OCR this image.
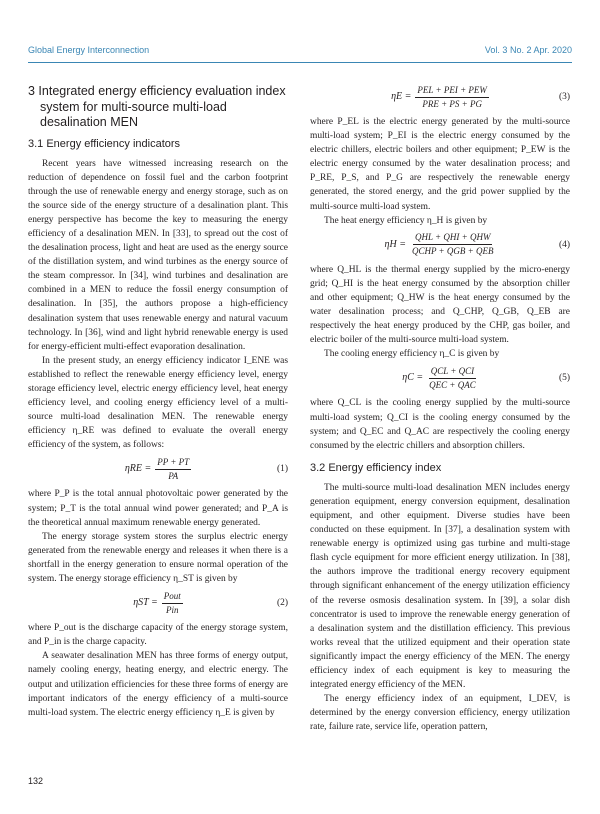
Global Energy Interconnection	Vol. 3 No. 2 Apr. 2020
3 Integrated energy efficiency evaluation index system for multi-source multi-load desalination MEN
3.1 Energy efficiency indicators

Recent years have witnessed increasing research on the reduction of dependence on fossil fuel and the carbon footprint through the use of renewable energy and energy storage, such as on the source side of the energy structure of a desalination plant. This energy perspective has become the key to measuring the energy efficiency of a desalination MEN. In [33], to spread out the cost of the desalination process, light and heat are used as the energy source of the distillation system, and wind turbines as the energy source of the steam compressor. In [34], wind turbines and desalination are combined in a MEN to reduce the fossil energy consumption of desalination. In [35], the authors propose a high-efficiency desalination system that uses renewable energy and natural vacuum technology. In [36], wind and light hybrid renewable energy is used for energy-efficient multi-effect evaporation desalination.

In the present study, an energy efficiency indicator I_ENE was established to reflect the renewable energy efficiency level, energy storage efficiency level, electric energy efficiency level, heat energy efficiency level, and cooling energy efficiency level of a multi-source multi-load desalination MEN. The renewable energy efficiency η_RE was defined to evaluate the overall energy efficiency of the system, as follows:

$\eta RE = \frac{PP + PT}{PA}$	(1)

where P_P is the total annual photovoltaic power generated by the system; P_T is the total annual wind power generated; and P_A is the theoretical annual maximum renewable energy generated.

The energy storage system stores the surplus electric energy generated from the renewable energy and releases it when there is a shortfall in the energy generation to ensure normal operation of the system. The energy storage efficiency η_ST is given by

$\eta ST = \frac{\text{Pout}}{\text{Pin}}$	(2)

where P_out is the discharge capacity of the energy storage system, and P_in is the charge capacity.

A seawater desalination MEN has three forms of energy output, namely cooling energy, heating energy, and electric energy. The output and utilization efficiencies for these three forms of energy are important indicators of the energy efficiency of a multi-source multi-load system. The electric energy efficiency η_E is given by

$\eta E = \frac{\text{PEL + PEI + PEW}}{\text{PRE + PS + PG}}$	(3)

where P_EL is the electric energy generated by the multi-source multi-load system; P_EI is the electric energy consumed by the electric chillers, electric boilers and other equipment; P_EW is the electric energy consumed by the water desalination process; and P_RE, P_S, and P_G are respectively the renewable energy generated, the stored energy, and the grid power supplied by the multi-source multi-load system.

The heat energy efficiency η_H is given by

$\eta H = \frac{\text{QHL + QHI + QHW}}{\text{QCHP + QGB + QEB}}$	(4)

where Q_HL is the thermal energy supplied by the micro-energy grid; Q_HI is the heat energy consumed by the absorption chiller and other equipment; Q_HW is the heat energy consumed by the water desalination process; and Q_CHP, Q_GB, Q_EB are respectively the heat energy produced by the CHP, gas boiler, and electric boiler of the multi-source multi-load system.

The cooling energy efficiency η_C is given by

$\eta C = \frac{\text{QCL + QCI}}{\text{QEC + QAC}}$	(5)

where Q_CL is the cooling energy supplied by the multi-source multi-load system; Q_CI is the cooling energy consumed by the system; and Q_EC and Q_AC are respectively the cooling energy consumed by the electric chillers and absorption chillers.

3.2 Energy efficiency index

The multi-source multi-load desalination MEN includes energy generation equipment, energy conversion equipment, desalination equipment, and other equipment. Diverse studies have been conducted on these equipment. In [37], a desalination system with renewable energy is optimized using gas turbine and multi-stage flash cycle equipment for more efficient energy utilization. In [38], the authors improve the traditional energy recovery equipment through significant enhancement of the energy utilization efficiency of the reverse osmosis desalination system. In [39], a solar dish concentrator is used to improve the renewable energy generation of a desalination system and the distillation efficiency. This previous works reveal that the utilized equipment and their operation state significantly impact the energy efficiency of the MEN. The energy efficiency index of each equipment is key to measuring the integrated energy efficiency of the MEN.

The energy efficiency index of an equipment, I_DEV, is determined by the energy conversion efficiency, energy utilization rate, failure rate, service life, operation pattern,

132
